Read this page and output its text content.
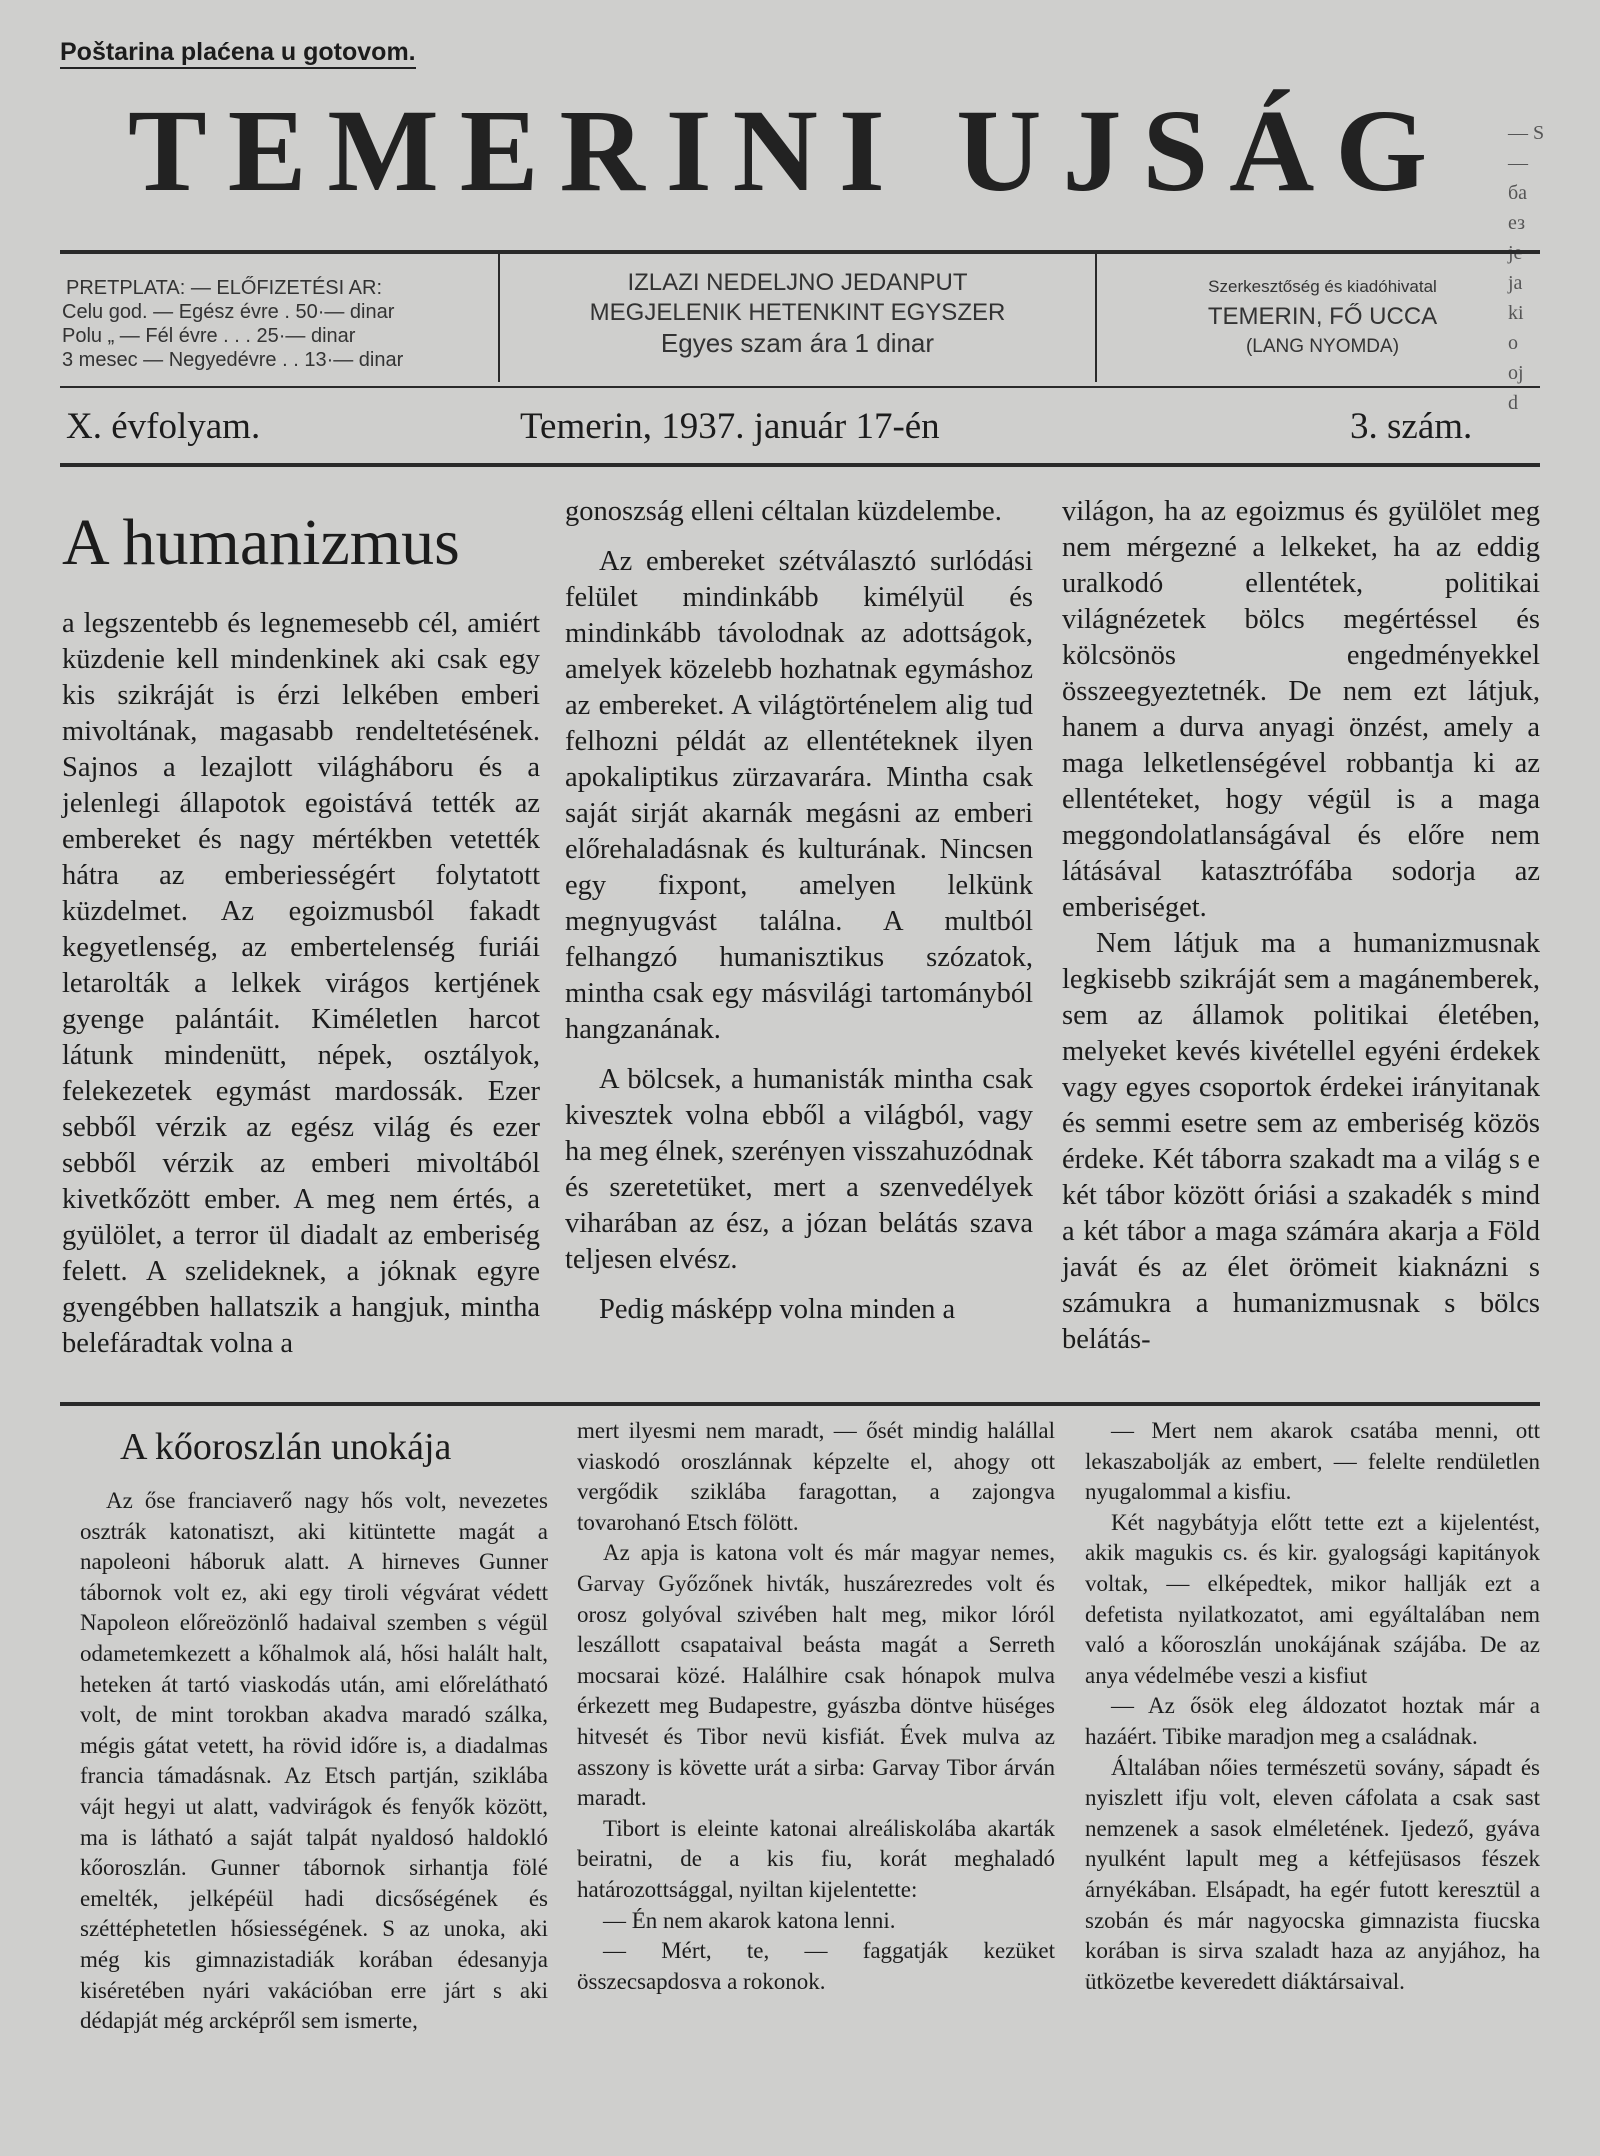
Poštarina plaćena u gotovom.
TEMERINI UJSÁG	— S
—
ба
ез
ја
ki
o
oj
d
PRETPLATA: — ELŐFIZETÉSI AR:
Celu god. — Egész évre . 50·— dinar
Polu „ — Fél évre . . . 25·— dinar
3 mesec — Negyedévre . . 13·— dinar
IZLAZI NEDELJNO JEDANPUT
MEGJELENIK HETENKINT EGYSZER
Egyes szam ára 1 dinar
Szerkesztőség és kiadóhivatal
TEMERIN, FŐ UCCA
(LANG NYOMDA)
X. évfolyam.	Temerin, 1937. január 17-én	3. szám.
A humanizmus

a legszentebb és legnemesebb cél, amiért küzdenie kell mindenkinek aki csak egy kis szikráját is érzi lelkében emberi mivoltának, magasabb rendeltetésének. Sajnos a lezajlott világháboru és a jelenlegi állapotok egoistává tették az embereket és nagy mértékben vetették hátra az emberiességért folytatott küzdelmet. Az egoizmusból fakadt kegyetlenség, az embertelenség furiái letarolták a lelkek virágos kertjének gyenge palántáit. Kiméletlen harcot látunk mindenütt, népek, osztályok, felekezetek egymást mardossák. Ezer sebből vérzik az egész világ és ezer sebből vérzik az emberi mivoltából kivetkőzött ember. A meg nem értés, a gyülölet, a terror ül diadalt az emberiség felett. A szelideknek, a jóknak egyre gyengébben hallatszik a hangjuk, mintha belefáradtak volna a

gonoszság elleni céltalan küzdelembe.

Az embereket szétválasztó surlódási felület mindinkább kimélyül és mindinkább távolodnak az adottságok, amelyek közelebb hozhatnak egymáshoz az embereket. A világtörténelem alig tud felhozni példát az ellentéteknek ilyen apokaliptikus zürzavarára. Mintha csak saját sirját akarnák megásni az emberi előrehaladásnak és kulturának. Nincsen egy fixpont, amelyen lelkünk megnyugvást találna. A multból felhangzó humanisztikus szózatok, mintha csak egy másvilági tartományból hangzanának.

A bölcsek, a humanisták mintha csak kivesztek volna ebből a világból, vagy ha meg élnek, szerényen visszahuzódnak és szeretetüket, mert a szenvedélyek viharában az ész, a józan belátás szava teljesen elvész.

Pedig másképp volna minden a

világon, ha az egoizmus és gyülölet meg nem mérgezné a lelkeket, ha az eddig uralkodó ellentétek, politikai világnézetek bölcs megértéssel és kölcsönös engedményekkel összeegyeztetnék. De nem ezt látjuk, hanem a durva anyagi önzést, amely a maga lelketlenségével robbantja ki az ellentéteket, hogy végül is a maga meggondolatlanságával és előre nem látásával katasztrófába sodorja az emberiséget.

Nem látjuk ma a humanizmusnak legkisebb szikráját sem a magánemberek, sem az államok politikai életében, melyeket kevés kivétellel egyéni érdekek vagy egyes csoportok érdekei irányitanak és semmi esetre sem az emberiség közös érdeke. Két táborra szakadt ma a világ s e két tábor között óriási a szakadék s mind a két tábor a maga számára akarja a Föld javát és az élet örömeit kiaknázni s számukra a humanizmusnak s bölcs belátás-

A kőoroszlán unokája

Az őse franciaverő nagy hős volt, nevezetes osztrák katonatiszt, aki kitüntette magát a napoleoni háboruk alatt. A hirneves Gunner tábornok volt ez, aki egy tiroli végvárat védett Napoleon előreözönlő hadaival szemben s végül odametemkezett a kőhalmok alá, hősi halált halt, heteken át tartó viaskodás után, ami előrelátható volt, de mint torokban akadva maradó szálka, mégis gátat vetett, ha rövid időre is, a diadalmas francia támadásnak. Az Etsch partján, sziklába vájt hegyi ut alatt, vadvirágok és fenyők között, ma is látható a saját talpát nyaldosó haldokló kőoroszlán. Gunner tábornok sirhantja fölé emelték, jelképéül hadi dicsőségének és széttéphetetlen hősiességének. S az unoka, aki még kis gimnazistadiák korában édesanyja kiséretében nyári vakációban erre járt s aki dédapját még arcképről sem ismerte,

mert ilyesmi nem maradt, — ősét mindig halállal viaskodó oroszlánnak képzelte el, ahogy ott vergődik sziklába faragottan, a zajongva tovarohanó Etsch fölött.

Az apja is katona volt és már magyar nemes, Garvay Győzőnek hivták, huszárezredes volt és orosz golyóval szivében halt meg, mikor lóról leszállott csapataival beásta magát a Serreth mocsarai közé. Halálhire csak hónapok mulva érkezett meg Budapestre, gyászba döntve hüséges hitvesét és Tibor nevü kisfiát. Évek mulva az asszony is követte urát a sirba: Garvay Tibor árván maradt.

Tibort is eleinte katonai alreáliskolába akarták beiratni, de a kis fiu, korát meghaladó határozottsággal, nyiltan kijelentette:

— Én nem akarok katona lenni.

— Mért, te, — faggatják kezüket összecsapdosva a rokonok.

— Mert nem akarok csatába menni, ott lekaszabolják az embert, — felelte rendületlen nyugalommal a kisfiu.

Két nagybátyja előtt tette ezt a kijelentést, akik magukis cs. és kir. gyalogsági kapitányok voltak, — elképedtek, mikor hallják ezt a defetista nyilatkozatot, ami egyáltalában nem való a kőoroszlán unokájának szájába. De az anya védelmébe veszi a kisfiut

— Az ősök eleg áldozatot hoztak már a hazáért. Tibike maradjon meg a családnak.

Általában nőies természetü sovány, sápadt és nyiszlett ifju volt, eleven cáfolata a csak sast nemzenek a sasok elméletének. Ijedező, gyáva nyulként lapult meg a kétfejüsasos fészek árnyékában. Elsápadt, ha egér futott keresztül a szobán és már nagyocska gimnazista fiucska korában is sirva szaladt haza az anyjához, ha ütközetbe keveredett diáktársaival.
